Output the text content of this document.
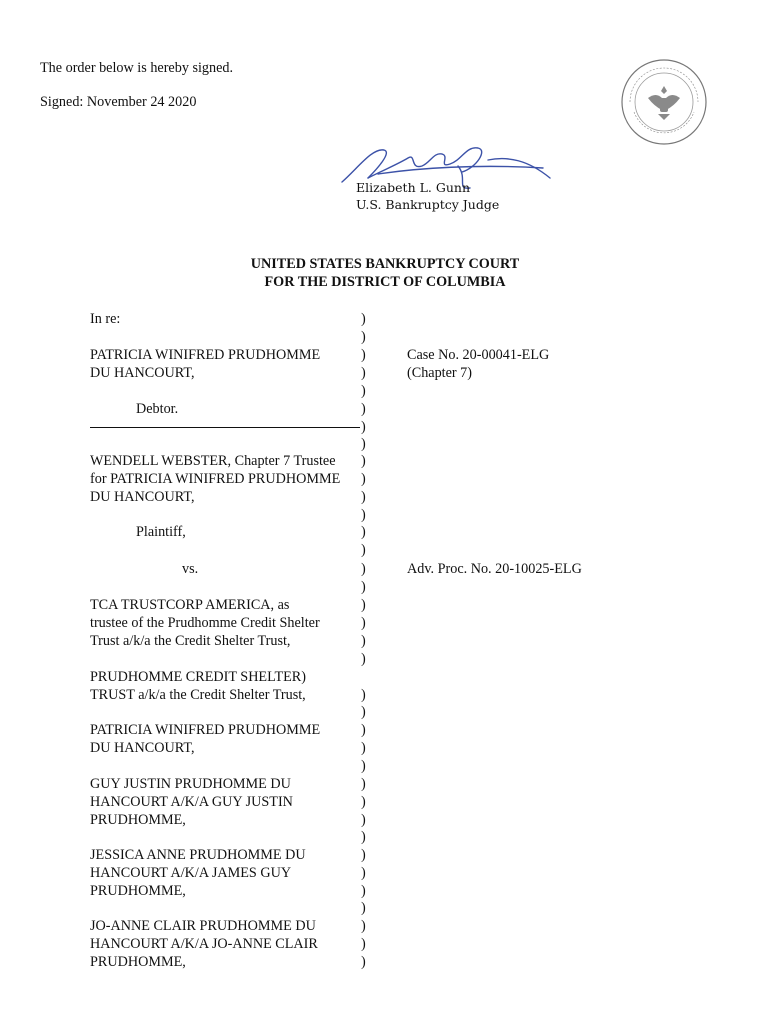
The order below is hereby signed.
Signed: November 24 2020
Elizabeth L. Gunn
U.S. Bankruptcy Judge
UNITED STATES BANKRUPTCY COURT
FOR THE DISTRICT OF COLUMBIA
In re:
PATRICIA WINIFRED PRUDHOMME
DU HANCOURT,
Debtor.
WENDELL WEBSTER, Chapter 7 Trustee
for PATRICIA WINIFRED PRUDHOMME
DU HANCOURT,
Plaintiff,
vs.
TCA TRUSTCORP AMERICA, as
trustee of the Prudhomme Credit Shelter
Trust a/k/a the Credit Shelter Trust,
PRUDHOMME CREDIT SHELTER)
TRUST a/k/a the Credit Shelter Trust,
PATRICIA WINIFRED PRUDHOMME
DU HANCOURT,
GUY JUSTIN PRUDHOMME DU
HANCOURT A/K/A GUY JUSTIN
PRUDHOMME,
JESSICA ANNE PRUDHOMME DU
HANCOURT A/K/A JAMES GUY
PRUDHOMME,
JO-ANNE CLAIR PRUDHOMME DU
HANCOURT A/K/A JO-ANNE CLAIR
PRUDHOMME,
)
)
)
)
)
)
)
)
)
)
)
)
)
)
)
)
)
)
)
)
)
)
)
)
)
)
)
)
)
)
)
)
)
)
)
)
Case No. 20-00041-ELG
(Chapter 7)
Adv. Proc. No. 20-10025-ELG
